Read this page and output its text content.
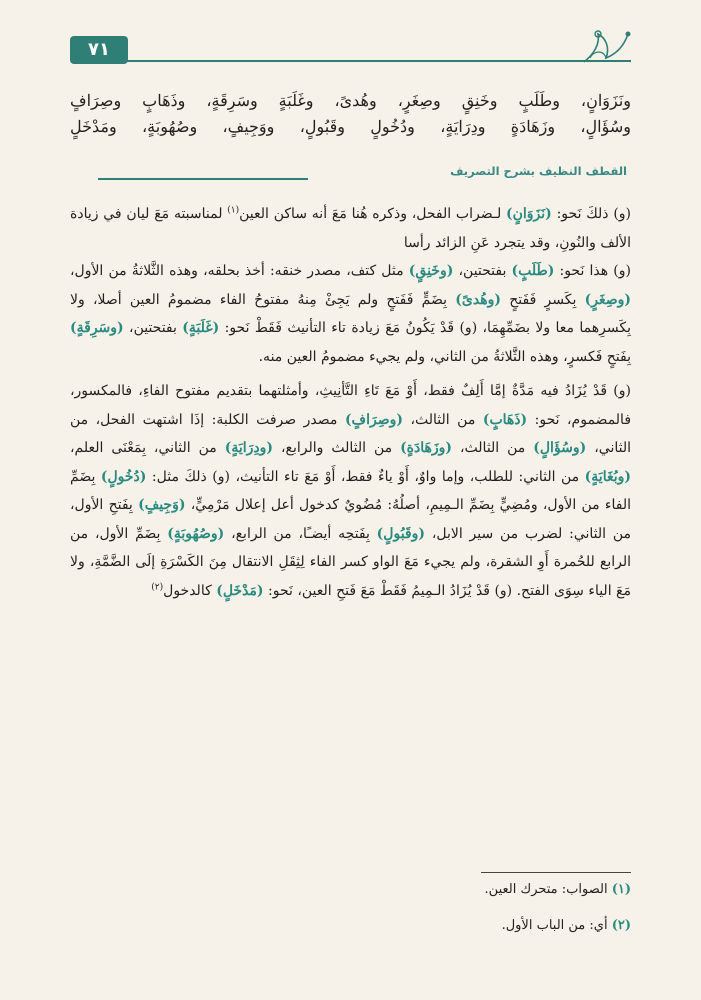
٧١

ونَزَوَانٍ، وطَلَبٍ وخَنِقٍ وصِغَرٍ، وهُدىً، وغَلَبَةٍ وسَرِقَةٍ، وذَهَابٍ وصِرَافٍ

وسُؤَالٍ، وزَهَادَةٍ ودِرَايَةٍ، ودُخُولٍ وقَبُولٍ، ووَجِيفٍ، وصُهُوبَةٍ، ومَدْخَلٍ

القطف النظيف بشرح التصريف

(و) ذلكَ نَحو: (نَزَوَانٍ) لـضراب الفحل، وذكره هُنا مَعَ أنه ساكن العين$^{(١)}$ لمناسبته مَعَ ليان في زيادة الألف والنُونِ، وقد يتجرد عَنِ الزائد رأسا

(و) هذا نَحو: (طَلَبٍ) بفتحتين، (وخَنِقٍ) مثل كتف، مصدر خنقه: أخذ بحلقه، وهذه الثَّلاثةُ من الأول، (وصِغَرٍ) بِكَسرٍ فَفَتحٍ (وهُدىً) بِضَمٍّ فَفَتحٍ ولم يَجِئْ مِنهُ مفتوحُ الفاء مضمومُ العين أصلا، ولا بِكَسرِهما معا ولا بضَمِّهِمَا، (و) قَدْ يَكُونُ مَعَ زيادة تاء التأنيث فَقَطْ نَحو: (غَلَبَةٍ) بفتحتين، (وسَرِقَةٍ) بِفَتحٍ فَكسرٍ، وهذه الثَّلاثةُ من الثاني، ولم يجيء مضمومُ العين منه.

(و) قَدْ يُزَادُ فيه مَدَّةٌ إمَّا أَلِفٌ فقط، أَوْ مَعَ تَاءِ التَّأنِيثِ، وأمثلتهما بتقديم مفتوح الفاءِ، فالمكسور، فالمضموم، نَحو: (ذَهَابٍ) من الثالث، (وصِرَافٍ) مصدر صرفت الكلبة: إذَا اشتهت الفحل، من الثاني، (وسُؤَالٍ) من الثالث، (وزَهَادَةٍ) من الثالث والرابع، (ودِرَايَةٍ) من الثاني، بِمَعْنَى العلم، (وبُغَايَةٍ) من الثاني: للطلب، وإما واوٌ، أَوْ ياءٌ فقط، أَوْ مَعَ تاء التأنيث، (و) ذلكَ مثل: (دُخُولٍ) بِضَمِّ الفاء من الأول، ومُضِيٍّ بِضَمِّ الـمِيمِ، أصلُهُ: مُضُويٌ كدخول أعل إعلال مَرْمِيٍّ، (وَجِيفٍ) بِفَتحِ الأول، من الثاني: لضرب من سير الابل، (وقَبُولٍ) بِفَتحِه أيضـًا، من الرابع، (وصُهُوبَةٍ) بِضَمِّ الأول، من الرابع للحُمرة أَوِ الشقرة، ولم يجيء مَعَ الواو كسر الفاء لِثِقَلِ الانتقال مِنَ الكَسْرَةِ إلَى الضَّمَّةِ، ولا مَعَ الياء سِوَى الفتح. (و) قَدْ يُزَادُ الـمِيمُ فَقَطْ مَعَ فَتحِ العين، نَحو: (مَدْخَلٍ) كالدخول$^{(٢)}$

(١) الصواب: متحرك العين.

(٢) أي: من الباب الأول.
